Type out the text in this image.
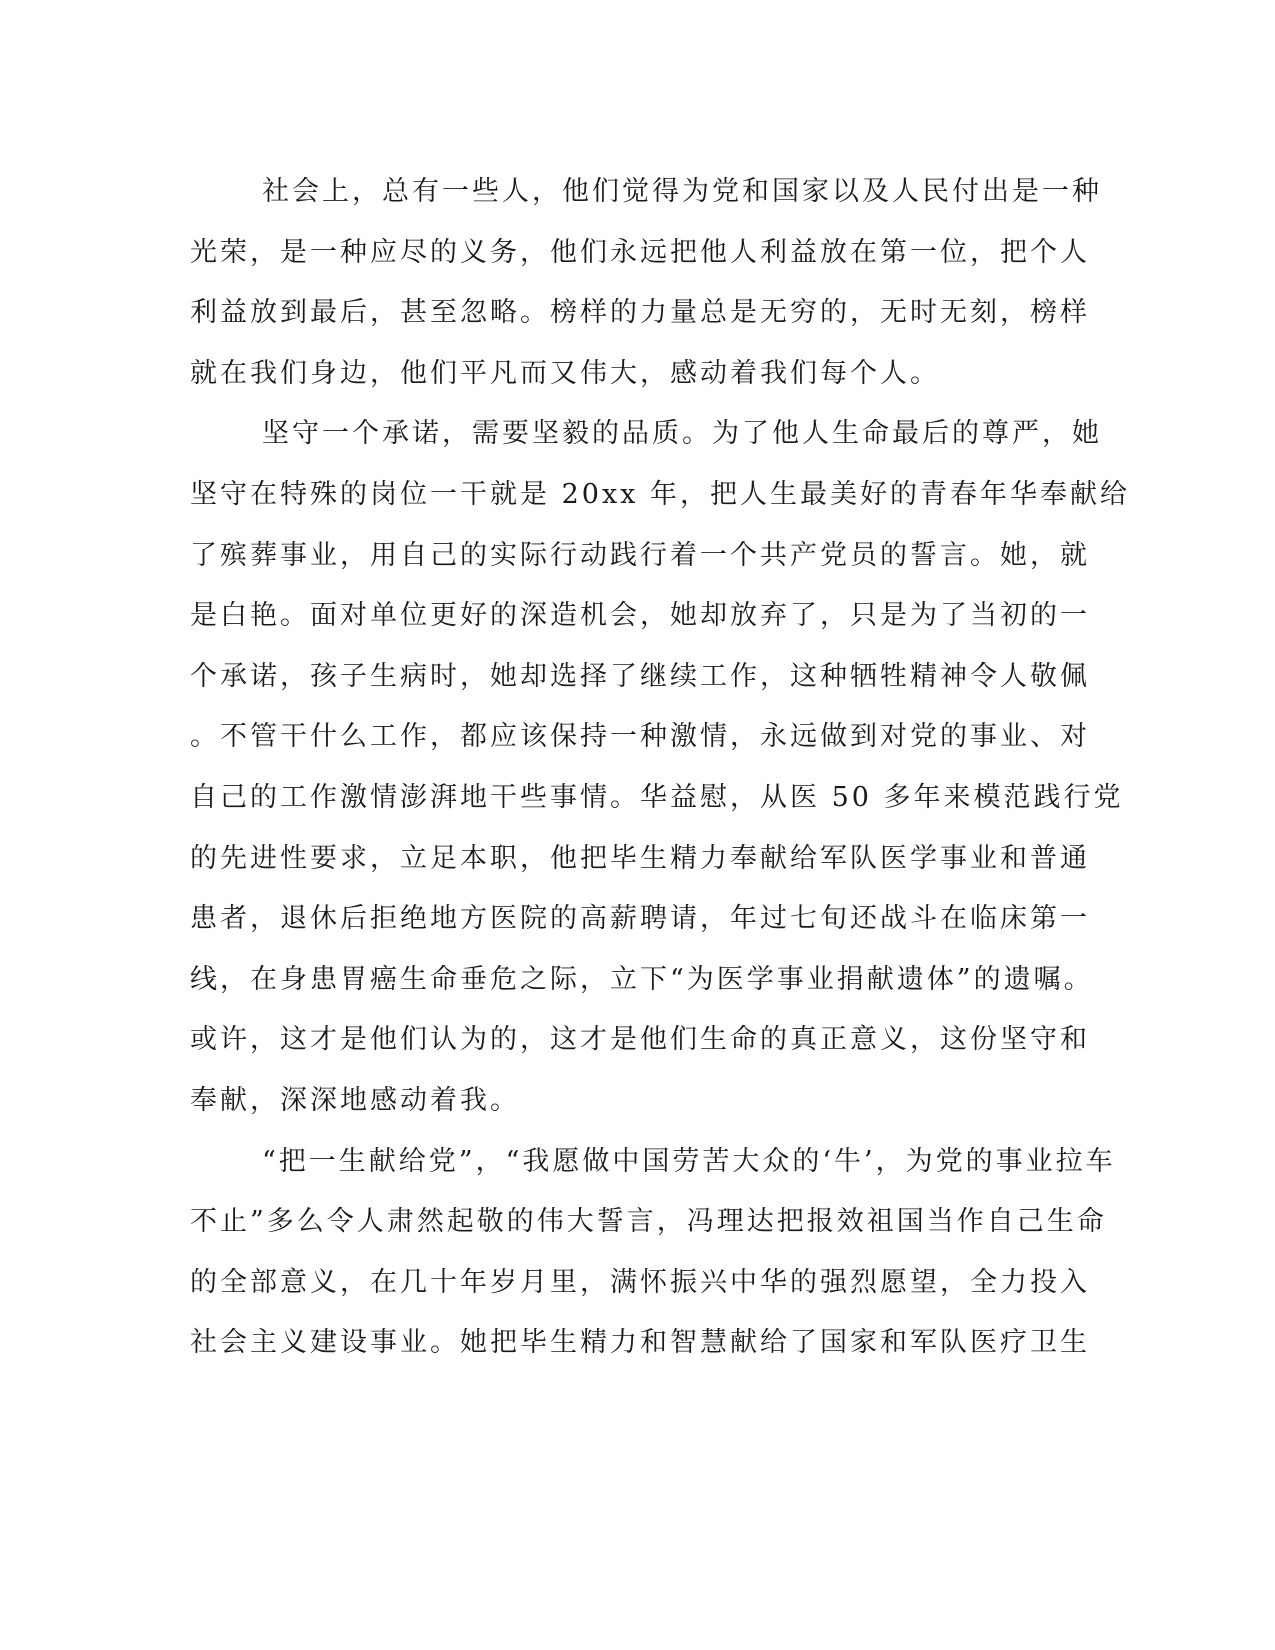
社会上，总有一些人，他们觉得为党和国家以及人民付出是一种
光荣，是一种应尽的义务，他们永远把他人利益放在第一位，把个人
利益放到最后，甚至忽略。榜样的力量总是无穷的，无时无刻，榜样
就在我们身边，他们平凡而又伟大，感动着我们每个人。
坚守一个承诺，需要坚毅的品质。为了他人生命最后的尊严，她
坚守在特殊的岗位一干就是 20xx 年，把人生最美好的青春年华奉献给
了殡葬事业，用自己的实际行动践行着一个共产党员的誓言。她，就
是白艳。面对单位更好的深造机会，她却放弃了，只是为了当初的一
个承诺，孩子生病时，她却选择了继续工作，这种牺牲精神令人敬佩
。不管干什么工作，都应该保持一种激情，永远做到对党的事业、对
自己的工作激情澎湃地干些事情。华益慰，从医 50 多年来模范践行党
的先进性要求，立足本职，他把毕生精力奉献给军队医学事业和普通
患者，退休后拒绝地方医院的高薪聘请，年过七旬还战斗在临床第一
线，在身患胃癌生命垂危之际，立下“为医学事业捐献遗体”的遗嘱。
或许，这才是他们认为的，这才是他们生命的真正意义，这份坚守和
奉献，深深地感动着我。
“把一生献给党”，“我愿做中国劳苦大众的‘牛’，为党的事业拉车
不止”多么令人肃然起敬的伟大誓言，冯理达把报效祖国当作自己生命
的全部意义，在几十年岁月里，满怀振兴中华的强烈愿望，全力投入
社会主义建设事业。她把毕生精力和智慧献给了国家和军队医疗卫生
